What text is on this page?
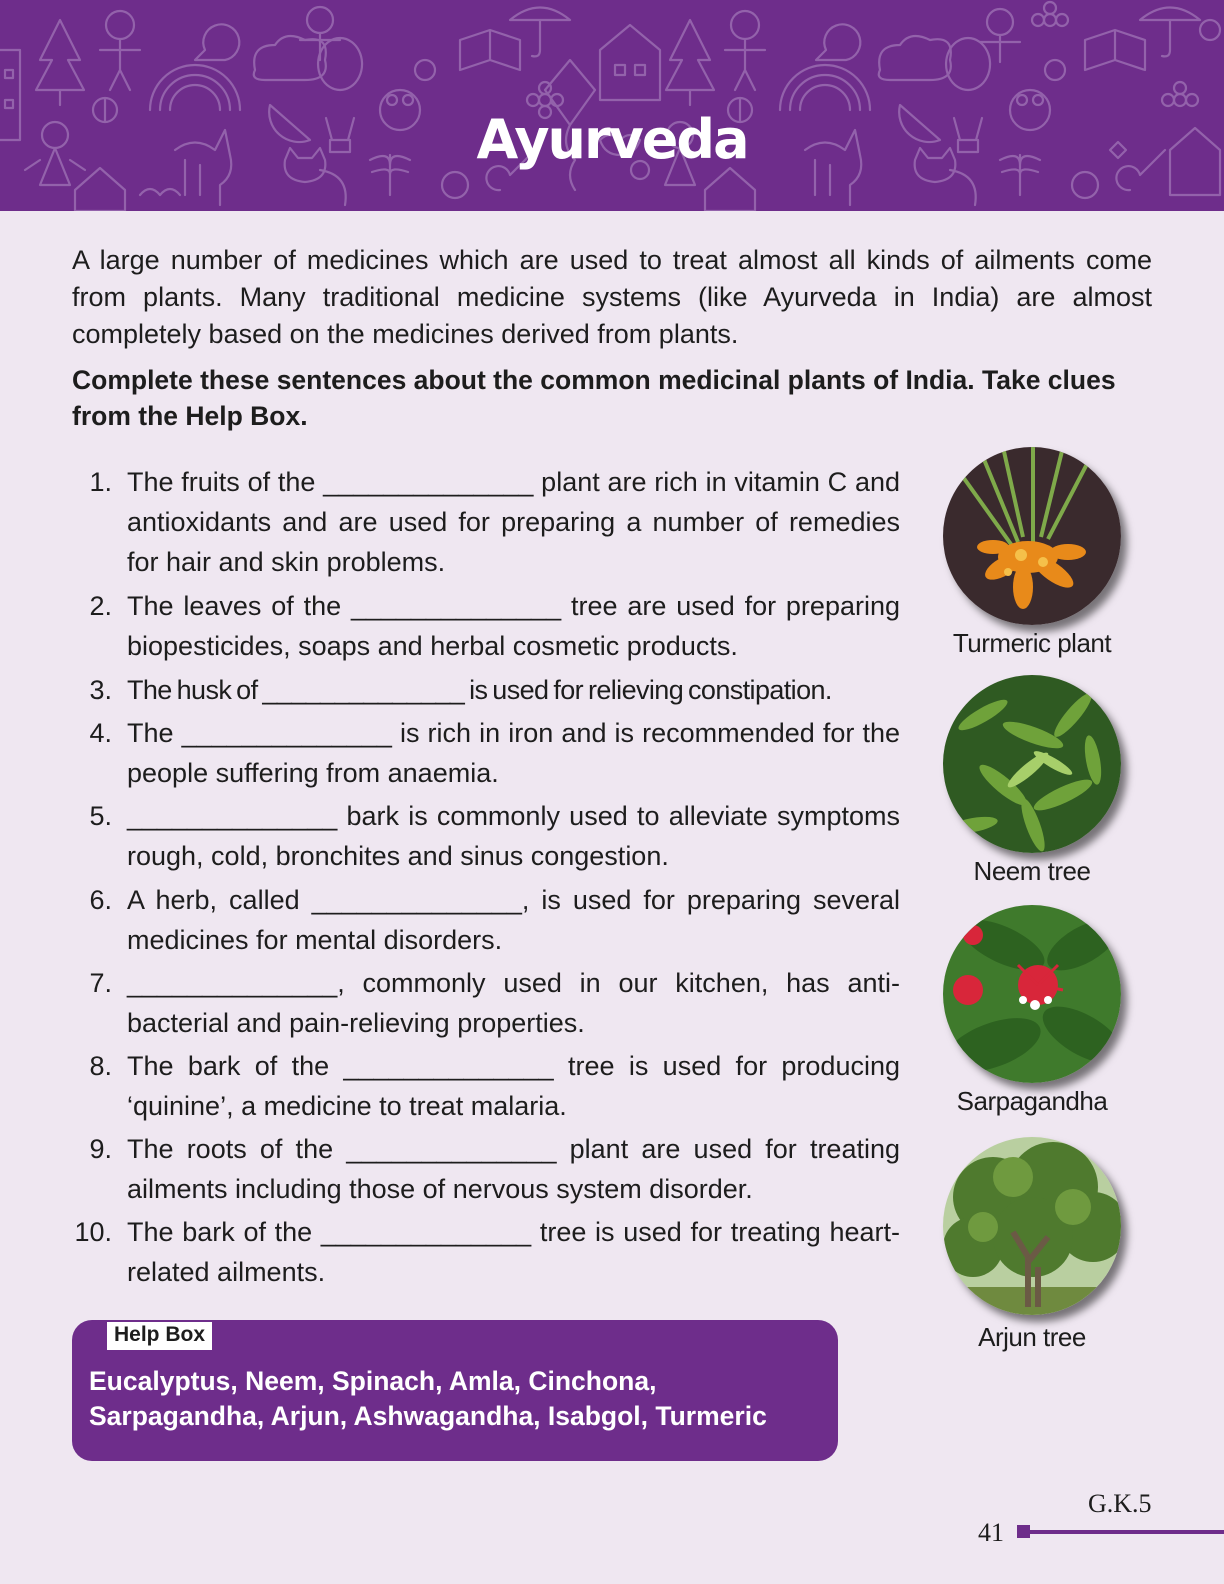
Ayurveda

A large number of medicines which are used to treat almost all kinds of ailments come from plants. Many traditional medicine systems (like Ayurveda in India) are almost completely based on the medicines derived from plants.

Complete these sentences about the common medicinal plants of India. Take clues from the Help Box.

1. The fruits of the ______________ plant are rich in vitamin C and antioxidants and are used for preparing a number of remedies for hair and skin problems.
2. The leaves of the ______________ tree are used for preparing biopesticides, soaps and herbal cosmetic products.
3. The husk of ______________ is used for relieving constipation.
4. The ______________ is rich in iron and is recommended for the people suffering from anaemia.
5. ______________ bark is commonly used to alleviate symptoms rough, cold, bronchites and sinus congestion.
6. A herb, called ______________, is used for preparing several medicines for mental disorders.
7. ______________, commonly used in our kitchen, has anti-bacterial and pain-relieving properties.
8. The bark of the ______________ tree is used for producing ‘quinine’, a medicine to treat malaria.
9. The roots of the ______________ plant are used for treating ailments including those of nervous system disorder.
10. The bark of the ______________ tree is used for treating heart-related ailments.
Turmeric plant
Neem tree
Sarpagandha
Arjun tree
Help Box
Eucalyptus, Neem, Spinach, Amla, Cinchona, Sarpagandha, Arjun, Ashwagandha, Isabgol, Turmeric
G.K.5
41
